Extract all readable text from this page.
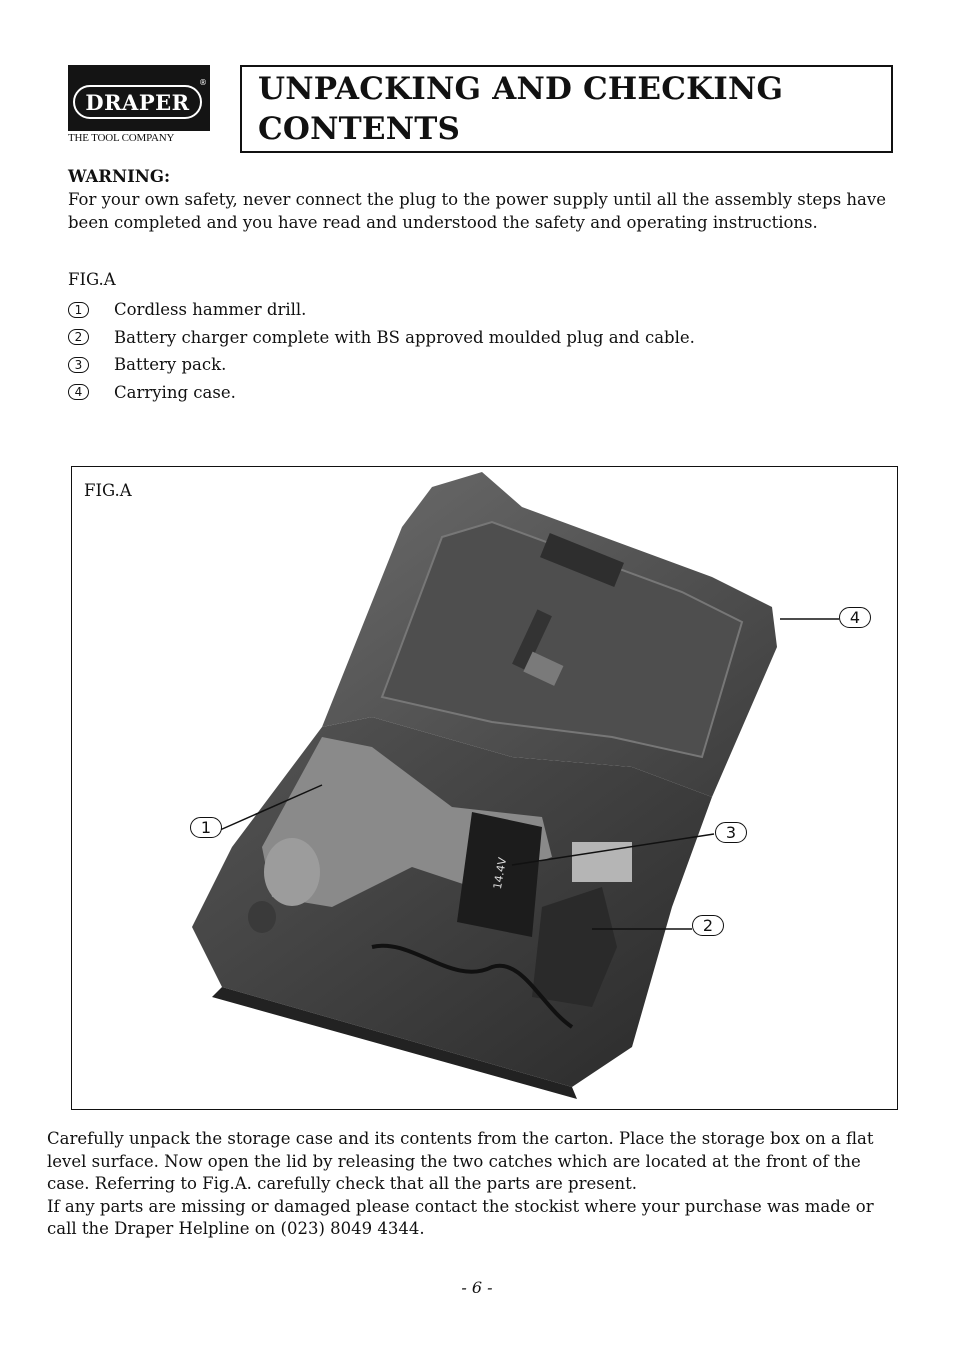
®
DRAPER
THE TOOL COMPANY
UNPACKING AND CHECKING
CONTENTS
WARNING:

For your own safety, never connect the plug to the power supply until all the assembly steps have been completed and you have read and understood the safety and operating instructions.

FIG.A
1	Cordless hammer drill.
2	Battery charger complete with BS approved moulded plug and cable.
3	Battery pack.
4	Carrying case.
14.4V
FIG.A
1	3
2
4

Carefully unpack the storage case and its contents from the carton. Place the storage box on a flat level surface. Now open the lid by releasing the two catches which are located at the front of the case. Referring to Fig.A. carefully check that all the parts are present.
If any parts are missing or damaged please contact the stockist where your purchase was made or call the Draper Helpline on (023) 8049 4344.

- 6 -
